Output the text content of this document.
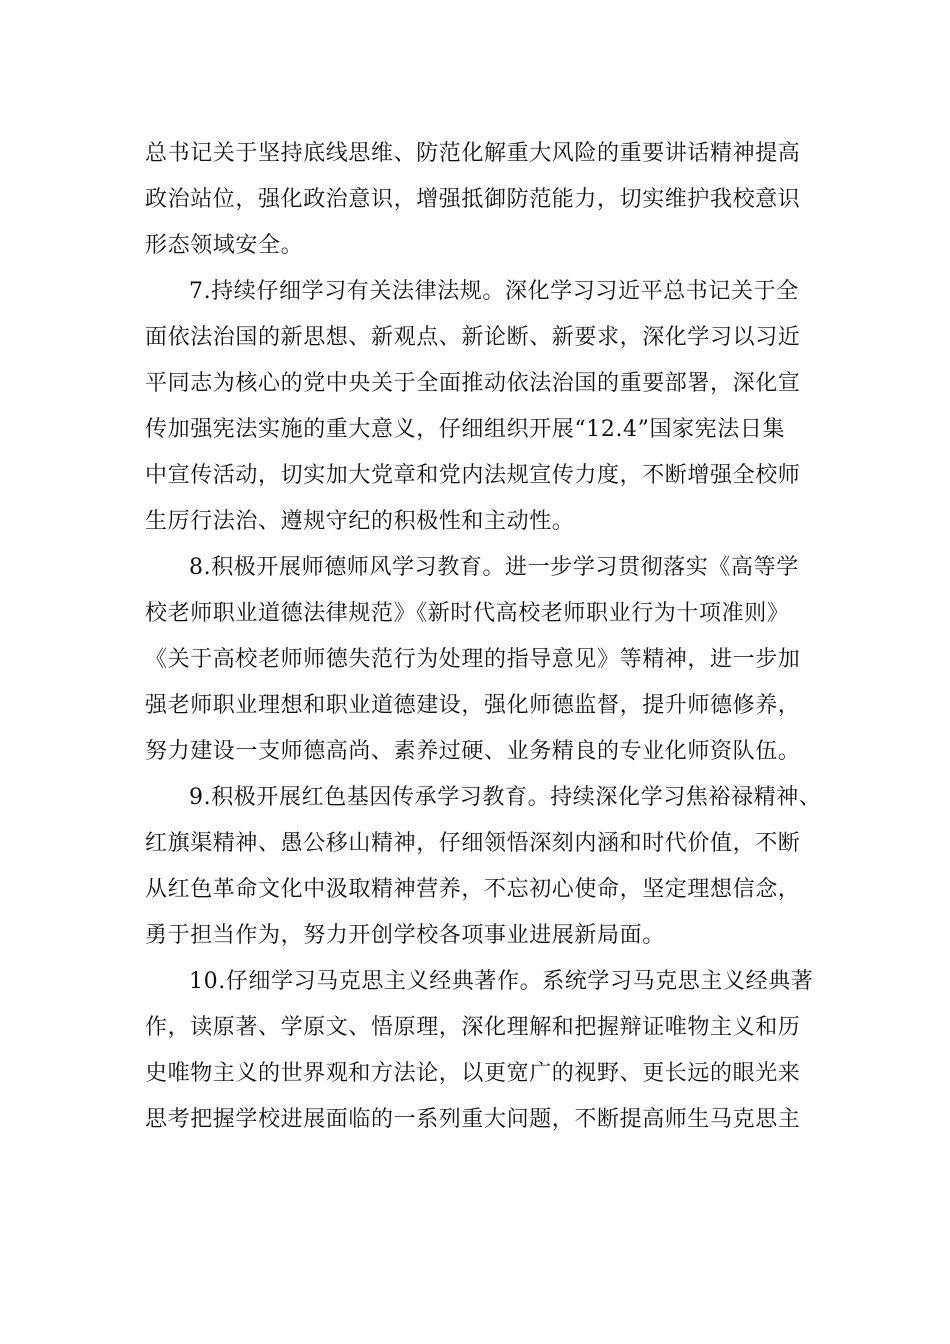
总书记关于坚持底线思维、防范化解重大风险的重要讲话精神提高
政治站位，强化政治意识，增强抵御防范能力，切实维护我校意识
形态领域安全。
7.持续仔细学习有关法律法规。深化学习习近平总书记关于全
面依法治国的新思想、新观点、新论断、新要求，深化学习以习近
平同志为核心的党中央关于全面推动依法治国的重要部署，深化宣
传加强宪法实施的重大意义，仔细组织开展“12.4”国家宪法日集
中宣传活动，切实加大党章和党内法规宣传力度，不断增强全校师
生厉行法治、遵规守纪的积极性和主动性。
8.积极开展师德师风学习教育。进一步学习贯彻落实《高等学
校老师职业道德法律规范》《新时代高校老师职业行为十项准则》
《关于高校老师师德失范行为处理的指导意见》等精神，进一步加
强老师职业理想和职业道德建设，强化师德监督，提升师德修养，
努力建设一支师德高尚、素养过硬、业务精良的专业化师资队伍。
9.积极开展红色基因传承学习教育。持续深化学习焦裕禄精神、
红旗渠精神、愚公移山精神，仔细领悟深刻内涵和时代价值，不断
从红色革命文化中汲取精神营养，不忘初心使命，坚定理想信念，
勇于担当作为，努力开创学校各项事业进展新局面。
10.仔细学习马克思主义经典著作。系统学习马克思主义经典著
作，读原著、学原文、悟原理，深化理解和把握辩证唯物主义和历
史唯物主义的世界观和方法论，以更宽广的视野、更长远的眼光来
思考把握学校进展面临的一系列重大问题，不断提高师生马克思主
